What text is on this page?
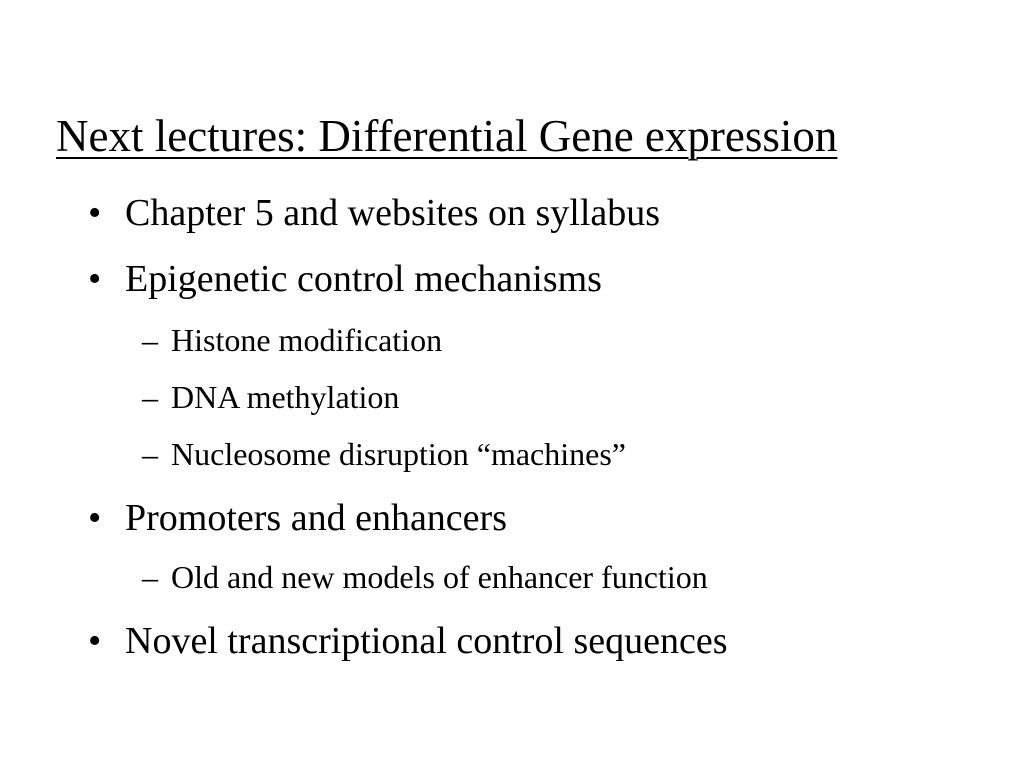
Next lectures: Differential Gene expression
• Chapter 5 and websites on syllabus
• Epigenetic control mechanisms
– Histone modification
– DNA methylation
– Nucleosome disruption “machines”
• Promoters and enhancers
– Old and new models of enhancer function
• Novel transcriptional control sequences
